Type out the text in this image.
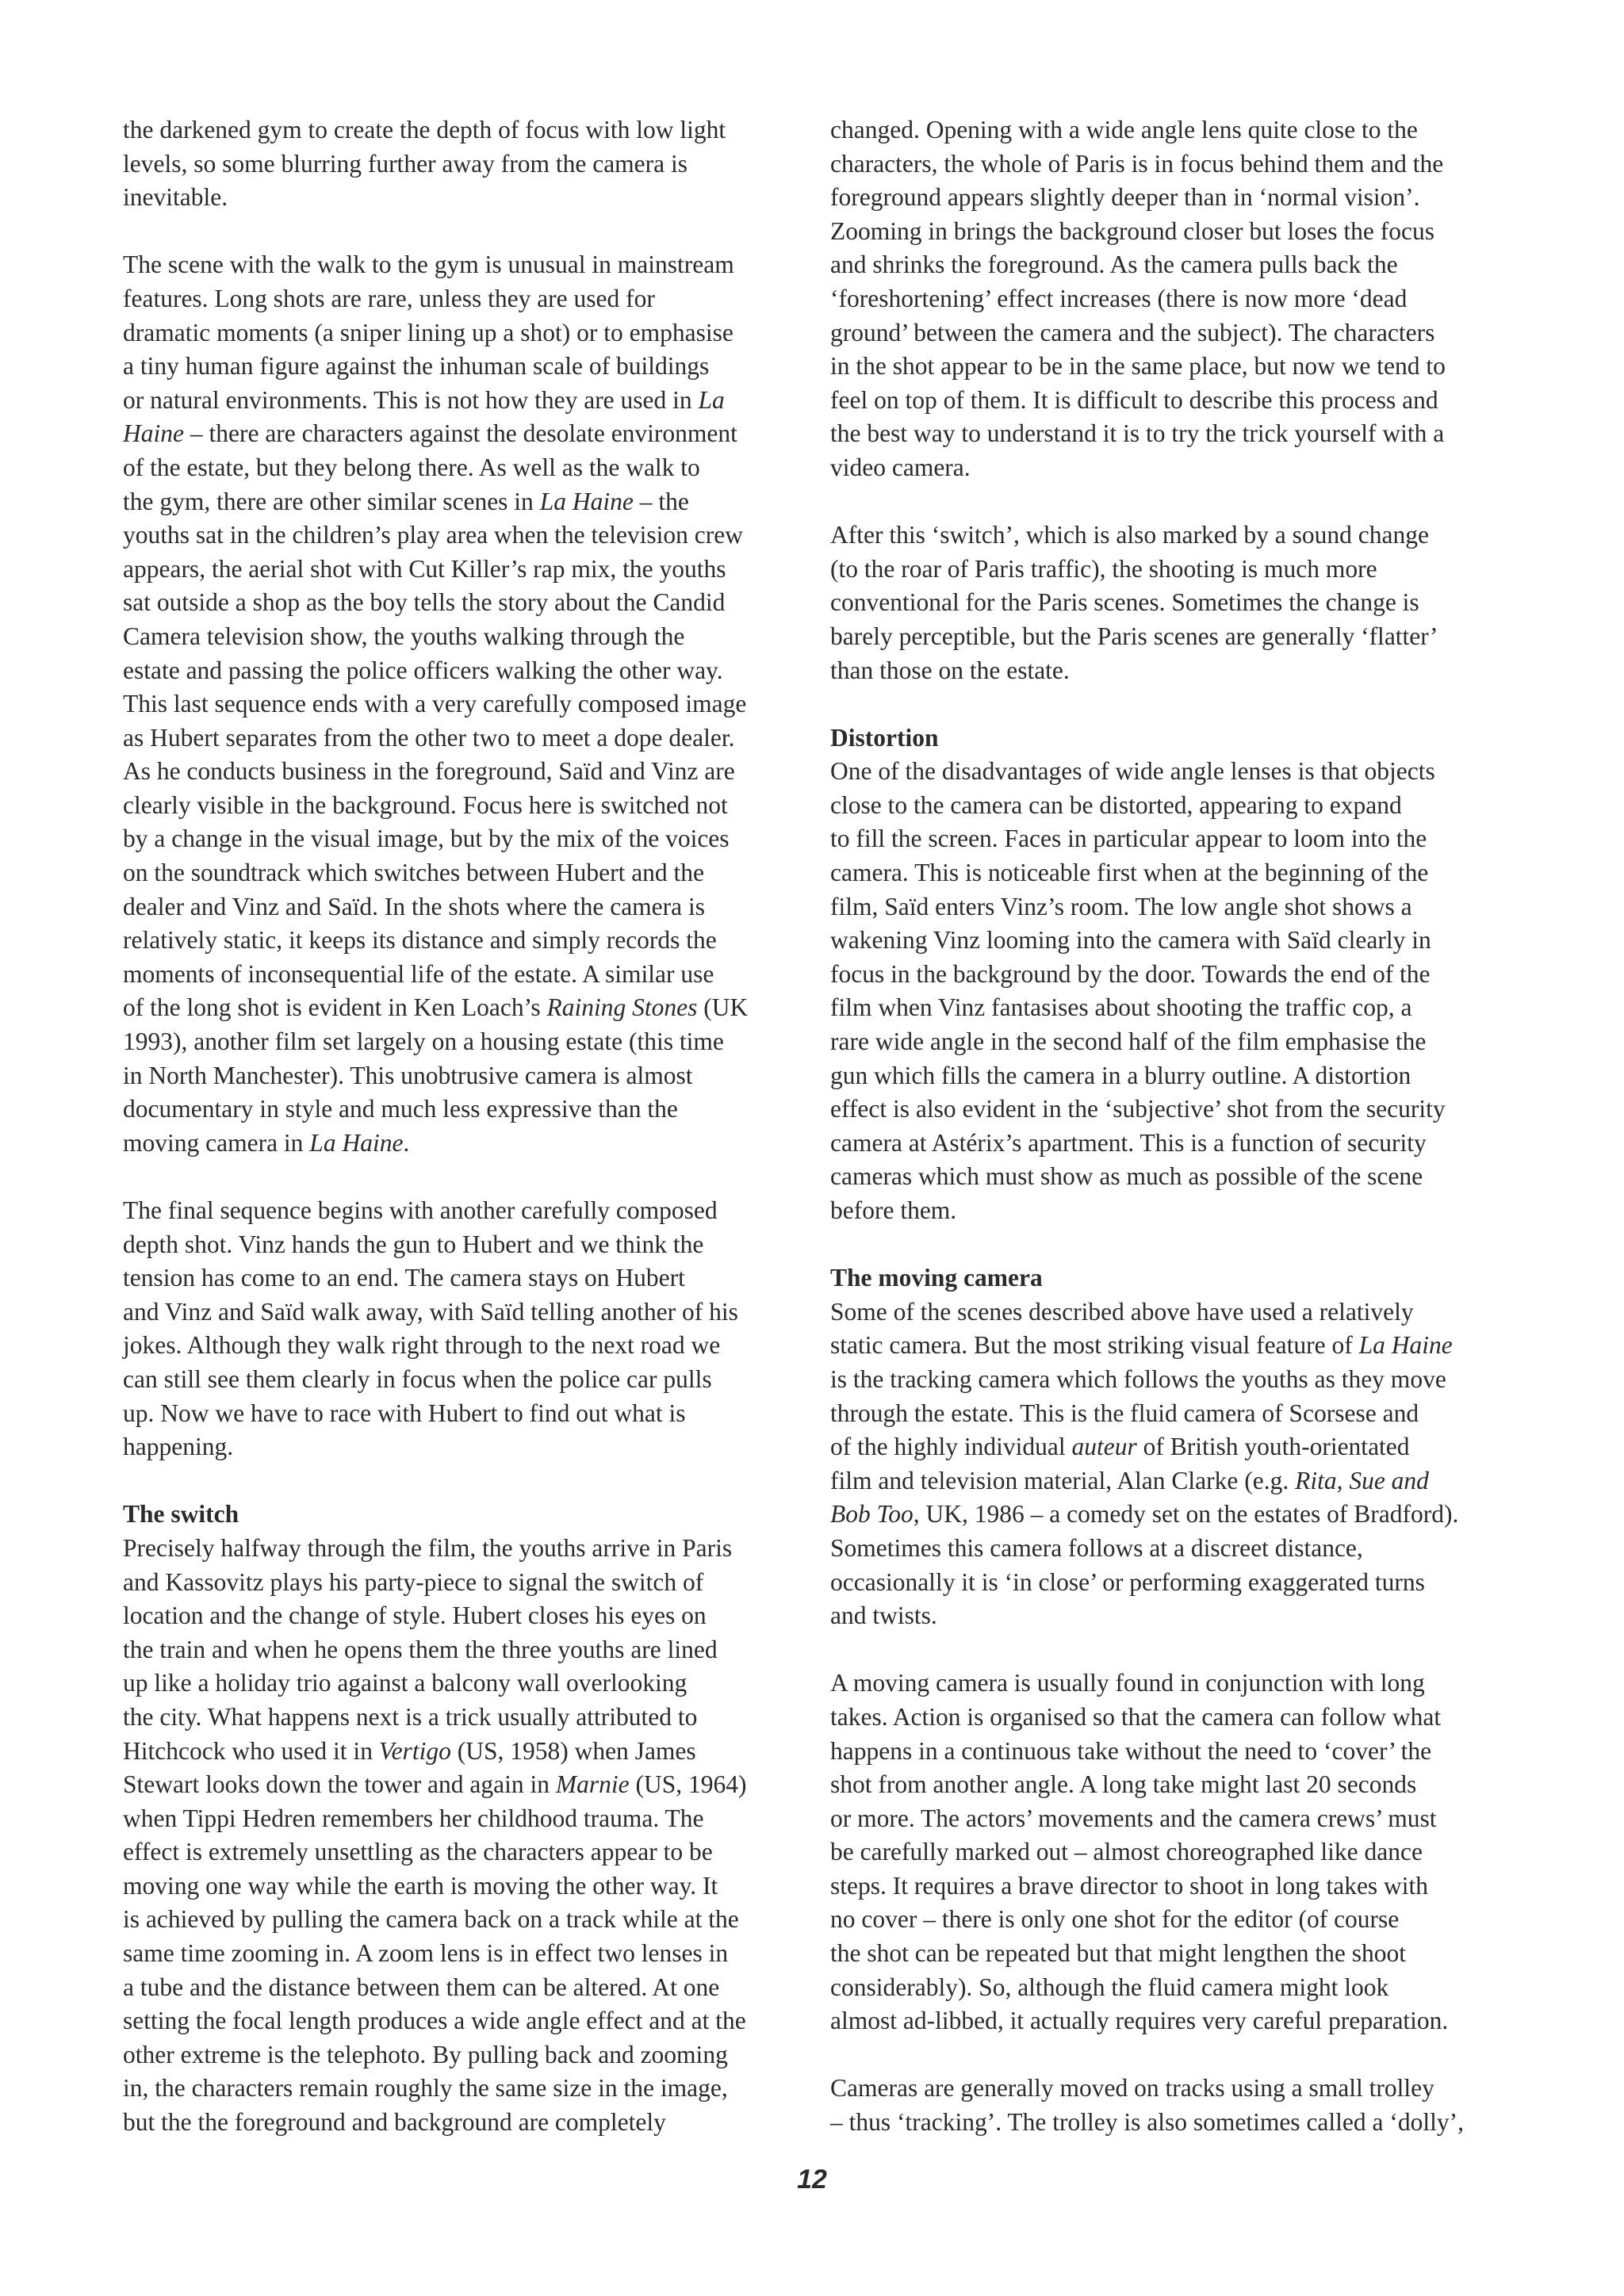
the darkened gym to create the depth of focus with low light
levels, so some blurring further away from the camera is
inevitable.

The scene with the walk to the gym is unusual in mainstream
features. Long shots are rare, unless they are used for
dramatic moments (a sniper lining up a shot) or to emphasise
a tiny human figure against the inhuman scale of buildings
or natural environments. This is not how they are used in La
Haine – there are characters against the desolate environment
of the estate, but they belong there. As well as the walk to
the gym, there are other similar scenes in La Haine – the
youths sat in the children’s play area when the television crew
appears, the aerial shot with Cut Killer’s rap mix, the youths
sat outside a shop as the boy tells the story about the Candid
Camera television show, the youths walking through the
estate and passing the police officers walking the other way.
This last sequence ends with a very carefully composed image
as Hubert separates from the other two to meet a dope dealer.
As he conducts business in the foreground, Saïd and Vinz are
clearly visible in the background. Focus here is switched not
by a change in the visual image, but by the mix of the voices
on the soundtrack which switches between Hubert and the
dealer and Vinz and Saïd. In the shots where the camera is
relatively static, it keeps its distance and simply records the
moments of inconsequential life of the estate. A similar use
of the long shot is evident in Ken Loach’s Raining Stones (UK
1993), another film set largely on a housing estate (this time
in North Manchester). This unobtrusive camera is almost
documentary in style and much less expressive than the
moving camera in La Haine.

The final sequence begins with another carefully composed
depth shot. Vinz hands the gun to Hubert and we think the
tension has come to an end. The camera stays on Hubert
and Vinz and Saïd walk away, with Saïd telling another of his
jokes. Although they walk right through to the next road we
can still see them clearly in focus when the police car pulls
up. Now we have to race with Hubert to find out what is
happening.

The switch

Precisely halfway through the film, the youths arrive in Paris
and Kassovitz plays his party-piece to signal the switch of
location and the change of style. Hubert closes his eyes on
the train and when he opens them the three youths are lined
up like a holiday trio against a balcony wall overlooking
the city. What happens next is a trick usually attributed to
Hitchcock who used it in Vertigo (US, 1958) when James
Stewart looks down the tower and again in Marnie (US, 1964)
when Tippi Hedren remembers her childhood trauma. The
effect is extremely unsettling as the characters appear to be
moving one way while the earth is moving the other way. It
is achieved by pulling the camera back on a track while at the
same time zooming in. A zoom lens is in effect two lenses in
a tube and the distance between them can be altered. At one
setting the focal length produces a wide angle effect and at the
other extreme is the telephoto. By pulling back and zooming
in, the characters remain roughly the same size in the image,
but the the foreground and background are completely

changed. Opening with a wide angle lens quite close to the
characters, the whole of Paris is in focus behind them and the
foreground appears slightly deeper than in ‘normal vision’.
Zooming in brings the background closer but loses the focus
and shrinks the foreground. As the camera pulls back the
‘foreshortening’ effect increases (there is now more ‘dead
ground’ between the camera and the subject). The characters
in the shot appear to be in the same place, but now we tend to
feel on top of them. It is difficult to describe this process and
the best way to understand it is to try the trick yourself with a
video camera.

After this ‘switch’, which is also marked by a sound change
(to the roar of Paris traffic), the shooting is much more
conventional for the Paris scenes. Sometimes the change is
barely perceptible, but the Paris scenes are generally ‘flatter’
than those on the estate.

Distortion

One of the disadvantages of wide angle lenses is that objects
close to the camera can be distorted, appearing to expand
to fill the screen. Faces in particular appear to loom into the
camera. This is noticeable first when at the beginning of the
film, Saïd enters Vinz’s room. The low angle shot shows a
wakening Vinz looming into the camera with Saïd clearly in
focus in the background by the door. Towards the end of the
film when Vinz fantasises about shooting the traffic cop, a
rare wide angle in the second half of the film emphasise the
gun which fills the camera in a blurry outline. A distortion
effect is also evident in the ‘subjective’ shot from the security
camera at Astérix’s apartment. This is a function of security
cameras which must show as much as possible of the scene
before them.

The moving camera

Some of the scenes described above have used a relatively
static camera. But the most striking visual feature of La Haine
is the tracking camera which follows the youths as they move
through the estate. This is the fluid camera of Scorsese and
of the highly individual auteur of British youth-orientated
film and television material, Alan Clarke (e.g. Rita, Sue and
Bob Too, UK, 1986 – a comedy set on the estates of Bradford).
Sometimes this camera follows at a discreet distance,
occasionally it is ‘in close’ or performing exaggerated turns
and twists.

A moving camera is usually found in conjunction with long
takes. Action is organised so that the camera can follow what
happens in a continuous take without the need to ‘cover’ the
shot from another angle. A long take might last 20 seconds
or more. The actors’ movements and the camera crews’ must
be carefully marked out – almost choreographed like dance
steps. It requires a brave director to shoot in long takes with
no cover – there is only one shot for the editor (of course
the shot can be repeated but that might lengthen the shoot
considerably). So, although the fluid camera might look
almost ad-libbed, it actually requires very careful preparation.

Cameras are generally moved on tracks using a small trolley
– thus ‘tracking’. The trolley is also sometimes called a ‘dolly’,

12
